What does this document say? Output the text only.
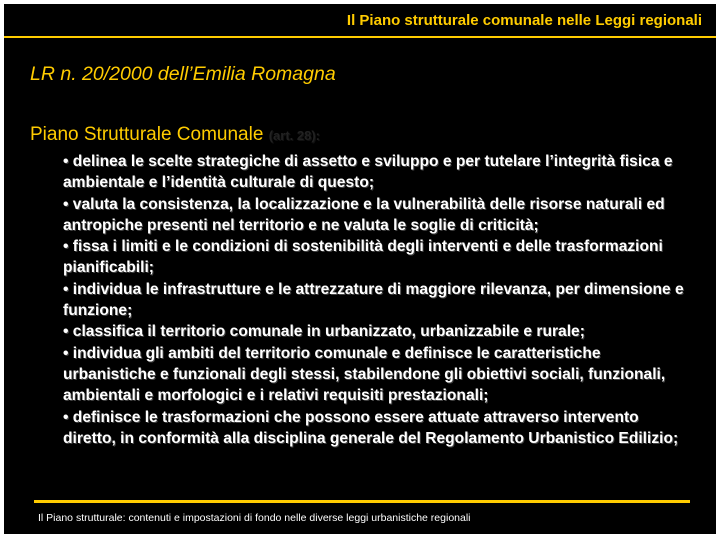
Il Piano strutturale comunale nelle Leggi regionali
LR n. 20/2000 dell’Emilia Romagna
Piano Strutturale Comunale (art. 28):

• delinea le scelte strategiche di assetto e sviluppo e per tutelare l’integrità fisica e ambientale e l’identità culturale di questo;

• valuta la consistenza, la localizzazione e la vulnerabilità delle risorse naturali ed antropiche presenti nel territorio e ne valuta le soglie di criticità;

• fissa i limiti e le condizioni di sostenibilità degli interventi e delle trasformazioni pianificabili;

• individua le infrastrutture e le attrezzature di maggiore rilevanza, per dimensione e funzione;

• classifica il territorio comunale in urbanizzato, urbanizzabile e rurale;

• individua gli ambiti del territorio comunale e definisce le caratteristiche urbanistiche e funzionali degli stessi, stabilendone gli obiettivi sociali, funzionali, ambientali e morfologici e i relativi requisiti prestazionali;

• definisce le trasformazioni che possono essere attuate attraverso intervento diretto, in conformità alla disciplina generale del Regolamento Urbanistico Edilizio;

Il Piano strutturale: contenuti e impostazioni di fondo nelle diverse leggi urbanistiche regionali
